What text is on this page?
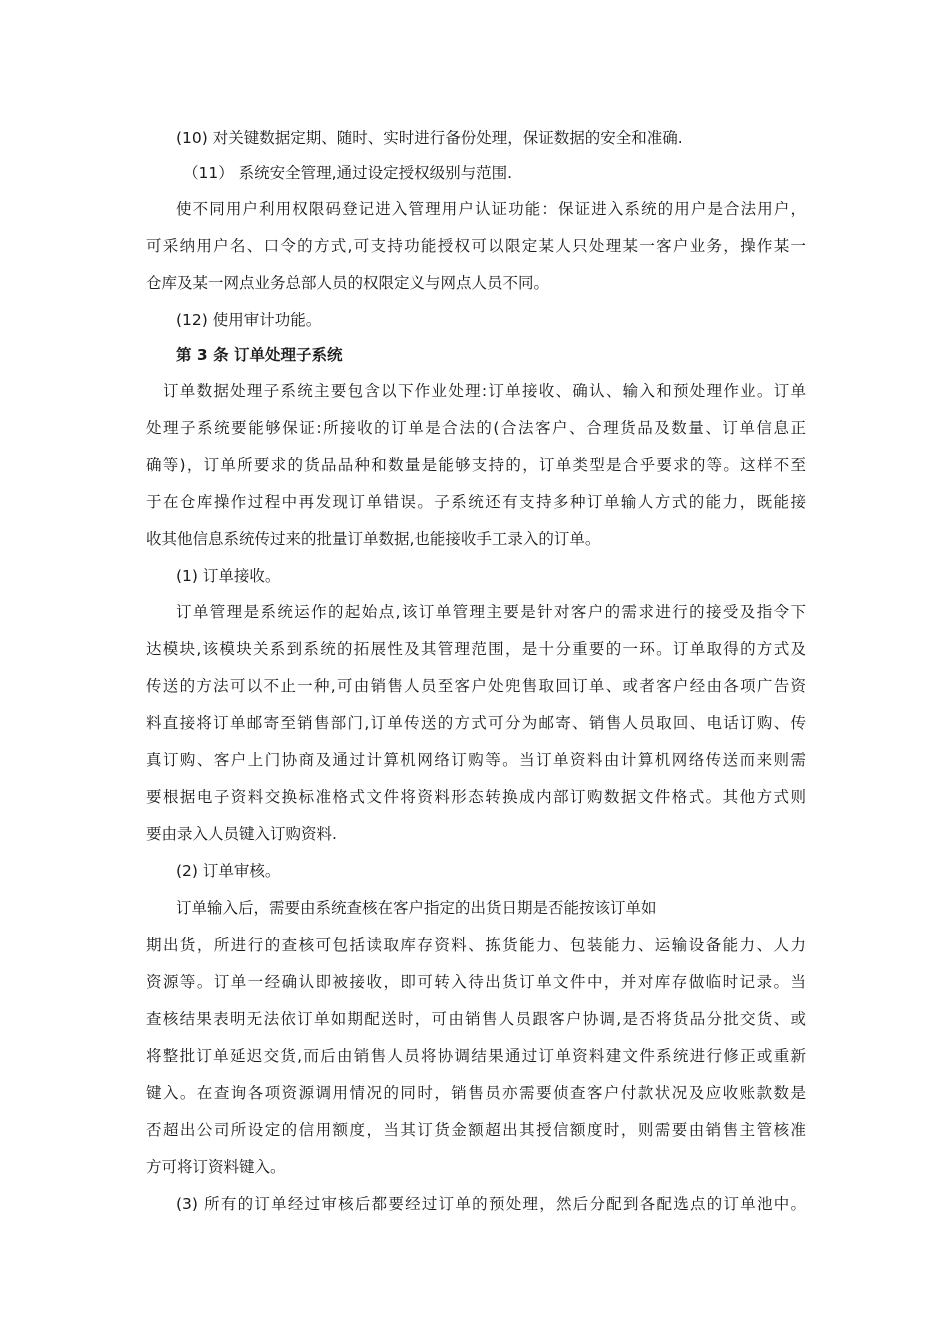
(10) 对关键数据定期、随时、实时进行备份处理，保证数据的安全和准确.
（11） 系统安全管理,通过设定授权级别与范围.
使不同用户利用权限码登记进入管理用户认证功能：保证进入系统的用户是合法用户，
可采纳用户名、口令的方式,可支持功能授权可以限定某人只处理某一客户业务，操作某一
仓库及某一网点业务总部人员的权限定义与网点人员不同。
(12) 使用审计功能。
第 3 条 订单处理子系统
订单数据处理子系统主要包含以下作业处理:订单接收、确认、输入和预处理作业。订单
处理子系统要能够保证:所接收的订单是合法的(合法客户、合理货品及数量、订单信息正
确等)，订单所要求的货品品种和数量是能够支持的，订单类型是合乎要求的等。这样不至
于在仓库操作过程中再发现订单错误。子系统还有支持多种订单输人方式的能力，既能接
收其他信息系统传过来的批量订单数据,也能接收手工录入的订单。
(1) 订单接收。
订单管理是系统运作的起始点,该订单管理主要是针对客户的需求进行的接受及指令下
达模块,该模块关系到系统的拓展性及其管理范围，是十分重要的一环。订单取得的方式及
传送的方法可以不止一种,可由销售人员至客户处兜售取回订单、或者客户经由各项广告资
料直接将订单邮寄至销售部门,订单传送的方式可分为邮寄、销售人员取回、电话订购、传
真订购、客户上门协商及通过计算机网络订购等。当订单资料由计算机网络传送而来则需
要根据电子资料交换标准格式文件将资料形态转换成内部订购数据文件格式。其他方式则
要由录入人员键入订购资料.
(2) 订单审核。
订单输入后，需要由系统查核在客户指定的出货日期是否能按该订单如
期出货，所进行的查核可包括读取库存资料、拣货能力、包装能力、运输设备能力、人力
资源等。订单一经确认即被接收，即可转入待出货订单文件中，并对库存做临时记录。当
查核结果表明无法依订单如期配送时，可由销售人员跟客户协调,是否将货品分批交货、或
将整批订单延迟交货,而后由销售人员将协调结果通过订单资料建文件系统进行修正或重新
键入。在查询各项资源调用情况的同时，销售员亦需要侦查客户付款状况及应收账款数是
否超出公司所设定的信用额度，当其订货金额超出其授信额度时，则需要由销售主管核准
方可将订资料键入。
(3) 所有的订单经过审核后都要经过订单的预处理，然后分配到各配选点的订单池中。
